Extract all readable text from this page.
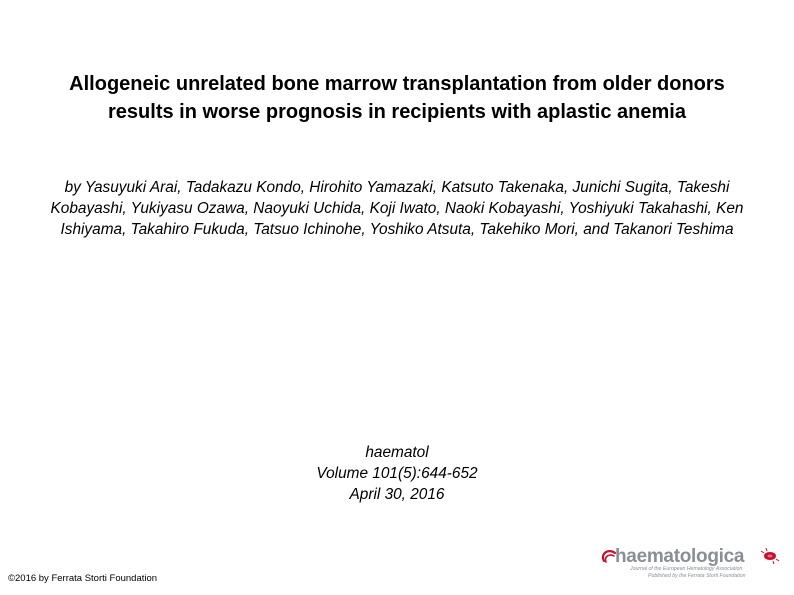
Allogeneic unrelated bone marrow transplantation from older donors results in worse prognosis in recipients with aplastic anemia

by Yasuyuki Arai, Tadakazu Kondo, Hirohito Yamazaki, Katsuto Takenaka, Junichi Sugita, Takeshi Kobayashi, Yukiyasu Ozawa, Naoyuki Uchida, Koji Iwato, Naoki Kobayashi, Yoshiyuki Takahashi, Ken Ishiyama, Takahiro Fukuda, Tatsuo Ichinohe, Yoshiko Atsuta, Takehiko Mori, and Takanori Teshima

haematol
Volume 101(5):644-652
April 30, 2016
©2016 by Ferrata Storti Foundation
haematologica
Journal of the European Hematology Association
Published by the Ferrata Storti Foundation
